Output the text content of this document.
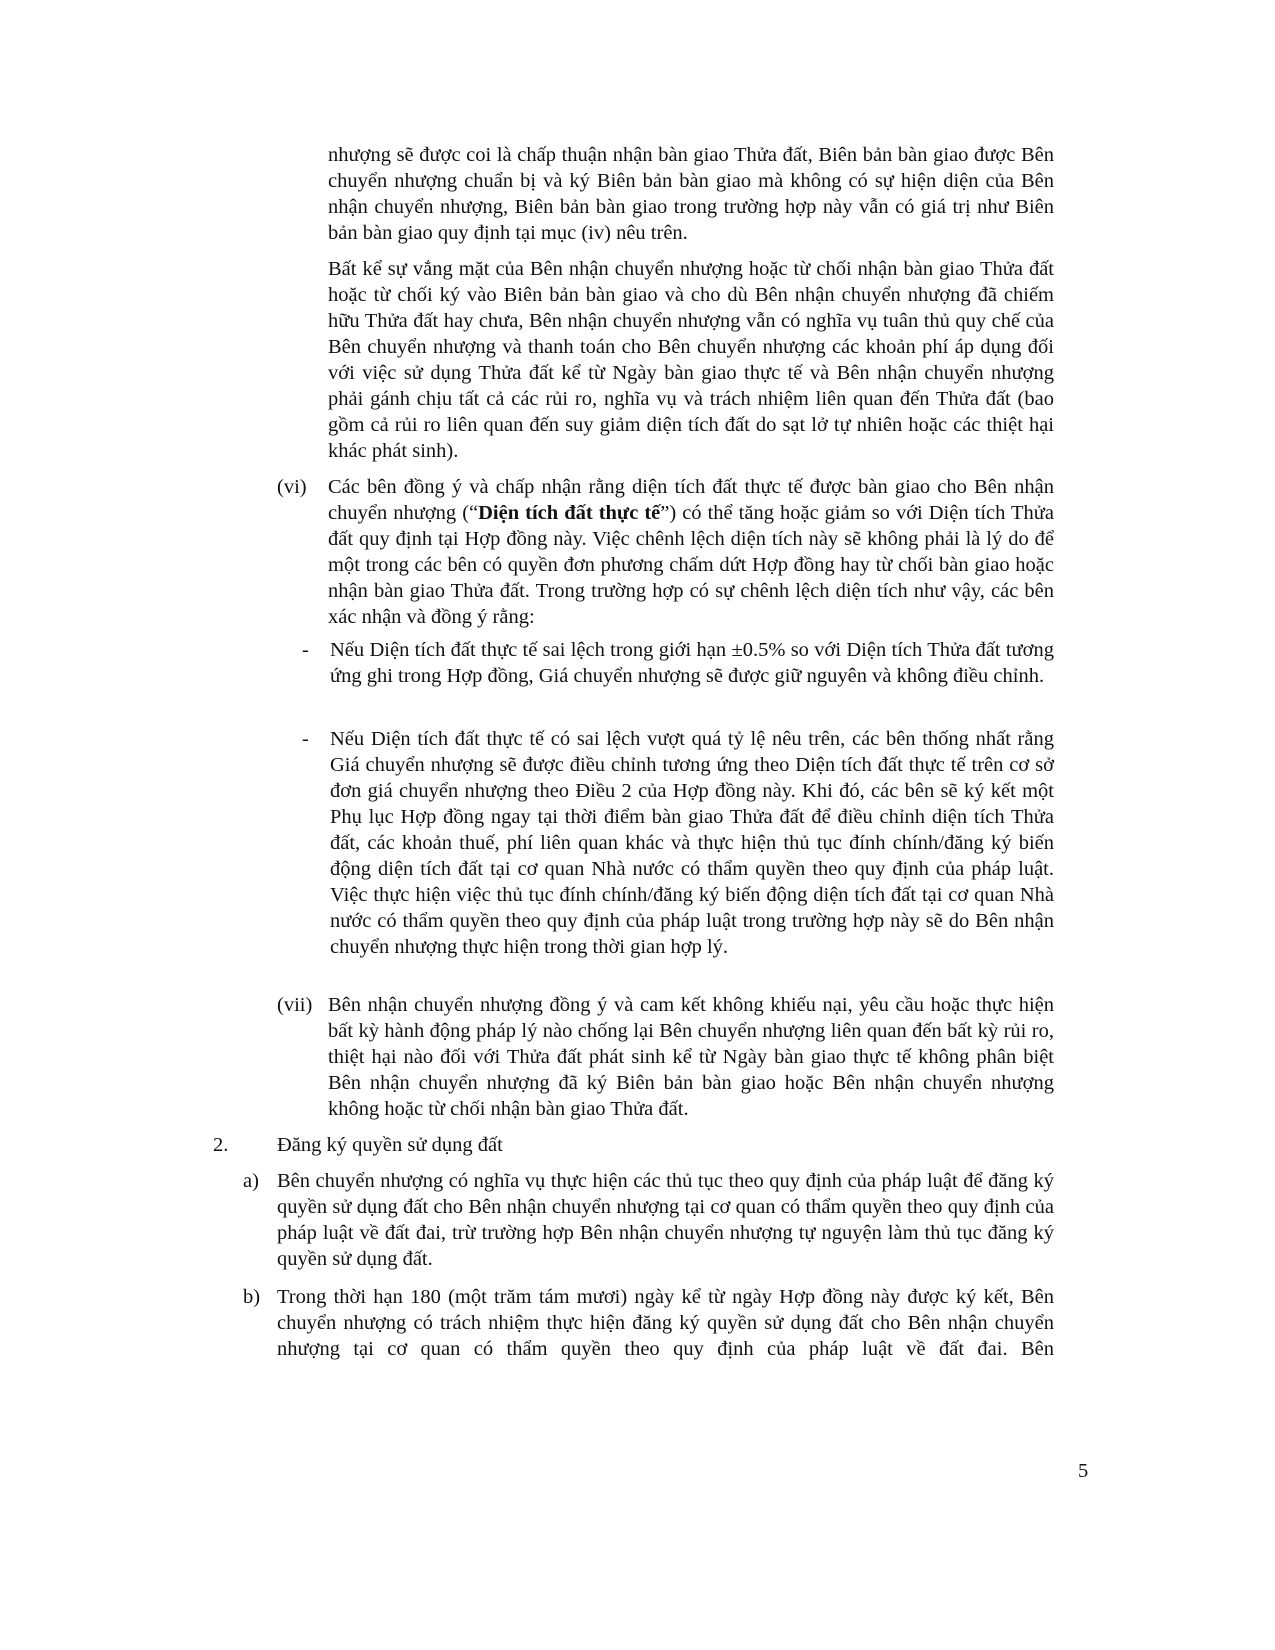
nhượng sẽ được coi là chấp thuận nhận bàn giao Thửa đất, Biên bản bàn giao được Bên chuyển nhượng chuẩn bị và ký Biên bản bàn giao mà không có sự hiện diện của Bên nhận chuyển nhượng, Biên bản bàn giao trong trường hợp này vẫn có giá trị như Biên bản bàn giao quy định tại mục (iv) nêu trên.

Bất kể sự vắng mặt của Bên nhận chuyển nhượng hoặc từ chối nhận bàn giao Thửa đất hoặc từ chối ký vào Biên bản bàn giao và cho dù Bên nhận chuyển nhượng đã chiếm hữu Thửa đất hay chưa, Bên nhận chuyển nhượng vẫn có nghĩa vụ tuân thủ quy chế của Bên chuyển nhượng và thanh toán cho Bên chuyển nhượng các khoản phí áp dụng đối với việc sử dụng Thửa đất kể từ Ngày bàn giao thực tế và Bên nhận chuyển nhượng phải gánh chịu tất cả các rủi ro, nghĩa vụ và trách nhiệm liên quan đến Thửa đất (bao gồm cả rủi ro liên quan đến suy giảm diện tích đất do sạt lở tự nhiên hoặc các thiệt hại khác phát sinh).

(vi) Các bên đồng ý và chấp nhận rằng diện tích đất thực tế được bàn giao cho Bên nhận chuyển nhượng (“Diện tích đất thực tế”) có thể tăng hoặc giảm so với Diện tích Thửa đất quy định tại Hợp đồng này. Việc chênh lệch diện tích này sẽ không phải là lý do để một trong các bên có quyền đơn phương chấm dứt Hợp đồng hay từ chối bàn giao hoặc nhận bàn giao Thửa đất. Trong trường hợp có sự chênh lệch diện tích như vậy, các bên xác nhận và đồng ý rằng:

- Nếu Diện tích đất thực tế sai lệch trong giới hạn ±0.5% so với Diện tích Thửa đất tương ứng ghi trong Hợp đồng, Giá chuyển nhượng sẽ được giữ nguyên và không điều chỉnh.

- Nếu Diện tích đất thực tế có sai lệch vượt quá tỷ lệ nêu trên, các bên thống nhất rằng Giá chuyển nhượng sẽ được điều chỉnh tương ứng theo Diện tích đất thực tế trên cơ sở đơn giá chuyển nhượng theo Điều 2 của Hợp đồng này. Khi đó, các bên sẽ ký kết một Phụ lục Hợp đồng ngay tại thời điểm bàn giao Thửa đất để điều chỉnh diện tích Thửa đất, các khoản thuế, phí liên quan khác và thực hiện thủ tục đính chính/đăng ký biến động diện tích đất tại cơ quan Nhà nước có thẩm quyền theo quy định của pháp luật. Việc thực hiện việc thủ tục đính chính/đăng ký biến động diện tích đất tại cơ quan Nhà nước có thẩm quyền theo quy định của pháp luật trong trường hợp này sẽ do Bên nhận chuyển nhượng thực hiện trong thời gian hợp lý.

(vii) Bên nhận chuyển nhượng đồng ý và cam kết không khiếu nại, yêu cầu hoặc thực hiện bất kỳ hành động pháp lý nào chống lại Bên chuyển nhượng liên quan đến bất kỳ rủi ro, thiệt hại nào đối với Thửa đất phát sinh kể từ Ngày bàn giao thực tế không phân biệt Bên nhận chuyển nhượng đã ký Biên bản bàn giao hoặc Bên nhận chuyển nhượng không hoặc từ chối nhận bàn giao Thửa đất.

2. Đăng ký quyền sử dụng đất
a) Bên chuyển nhượng có nghĩa vụ thực hiện các thủ tục theo quy định của pháp luật để đăng ký quyền sử dụng đất cho Bên nhận chuyển nhượng tại cơ quan có thẩm quyền theo quy định của pháp luật về đất đai, trừ trường hợp Bên nhận chuyển nhượng tự nguyện làm thủ tục đăng ký quyền sử dụng đất.

b) Trong thời hạn 180 (một trăm tám mươi) ngày kể từ ngày Hợp đồng này được ký kết, Bên chuyển nhượng có trách nhiệm thực hiện đăng ký quyền sử dụng đất cho Bên nhận chuyển nhượng tại cơ quan có thẩm quyền theo quy định của pháp luật về đất đai. Bên

5
